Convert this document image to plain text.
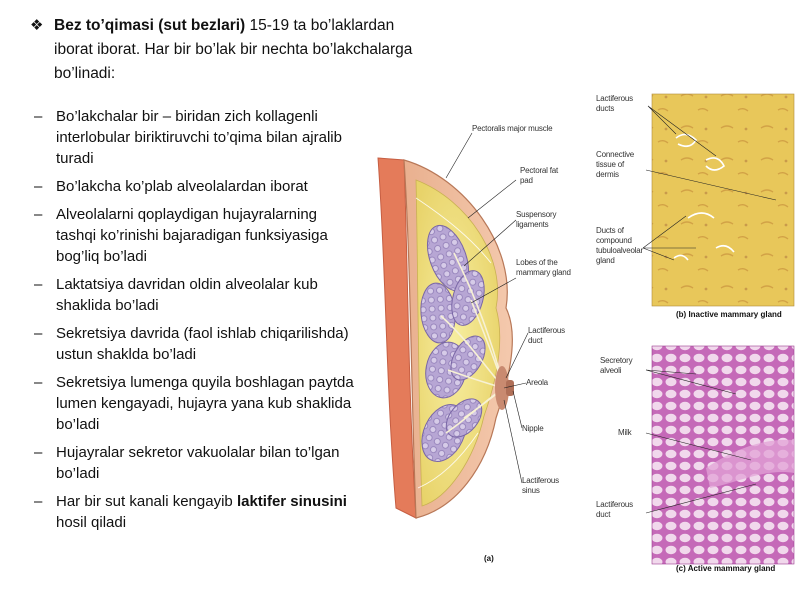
❖ Bez to’qimasi (sut bezlari) 15-19 ta bo’laklardan iborat iborat. Har bir bo’lak bir nechta bo’lakchalarga bo’linadi:
– Bo’lakchalar bir – biridan zich kollagenli interlobular biriktiruvchi to’qima bilan ajralib turadi
– Bo’lakcha ko’plab alveolalardan iborat
– Alveolalarni qoplaydigan hujayralarning tashqi ko’rinishi bajaradigan funksiyasiga bog’liq bo’ladi
– Laktatsiya davridan oldin alveolalar kub shaklida bo’ladi
– Sekretsiya davrida (faol ishlab chiqarilishda) ustun shaklda bo’ladi
– Sekretsiya lumenga quyila boshlagan paytda lumen kengayadi, hujayra yana kub shaklida bo’ladi
– Hujayralar sekretor vakuolalar bilan to’lgan bo’ladi
– Har bir sut kanali kengayib laktifer sinusini hosil qiladi
Pectoralis major muscle
Pectoral fat pad
Suspensory ligaments
Lobes of the mammary gland
Lactiferous duct
Areola
Nipple
Lactiferous sinus
(a)
Lactiferous ducts
Connective tissue of dermis
Ducts of compound tubuloalveolar gland
(b) Inactive mammary gland
Secretory alveoli
Milk
Lactiferous duct
(c) Active mammary gland
